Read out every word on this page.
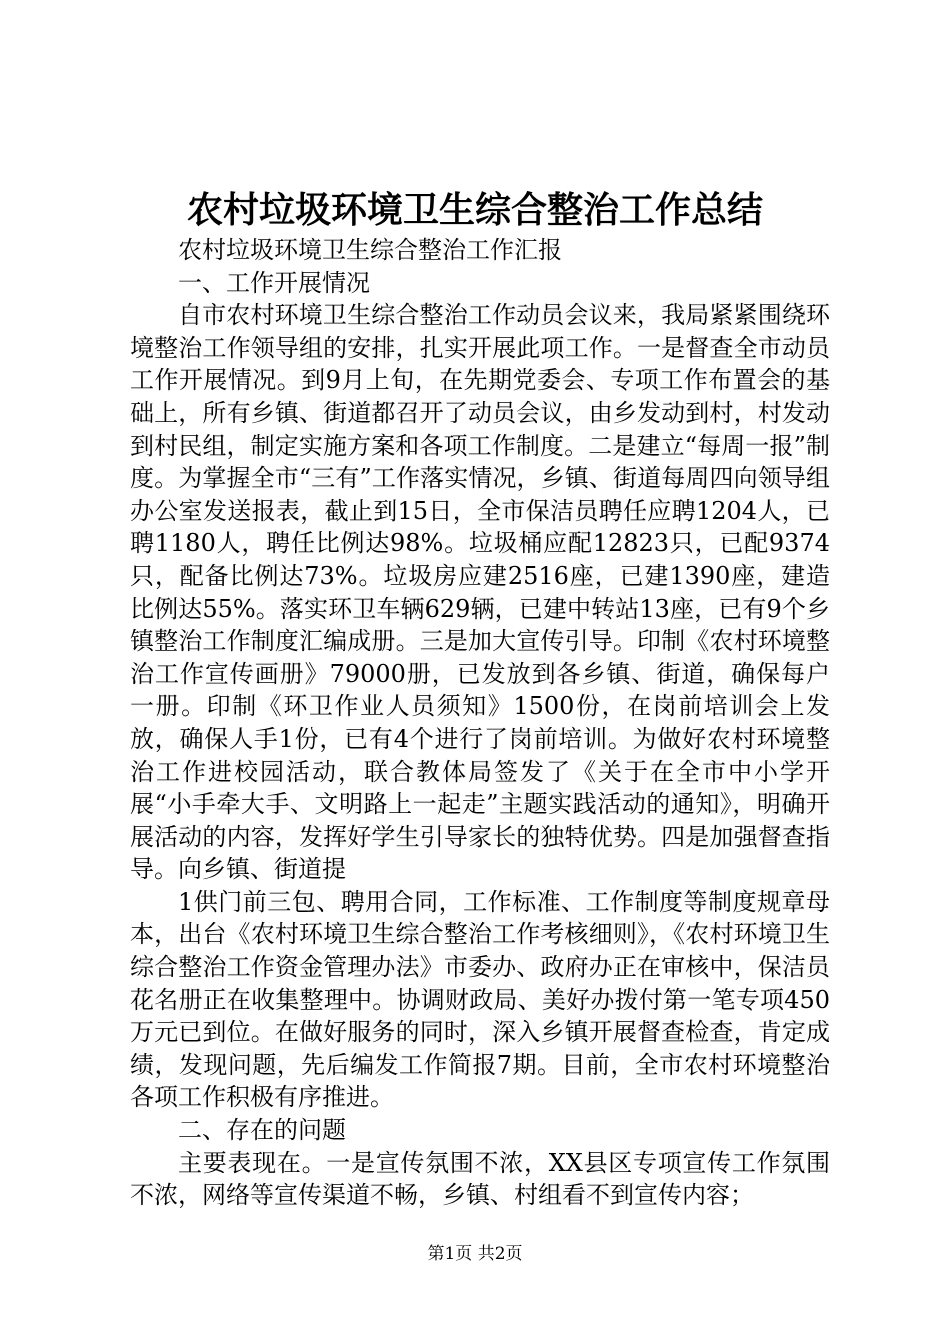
农村垃圾环境卫生综合整治工作总结

农村垃圾环境卫生综合整治工作汇报

一、工作开展情况

自市农村环境卫生综合整治工作动员会议来，我局紧紧围绕环境整治工作领导组的安排，扎实开展此项工作。一是督查全市动员工作开展情况。到9月上旬，在先期党委会、专项工作布置会的基础上，所有乡镇、街道都召开了动员会议，由乡发动到村，村发动到村民组，制定实施方案和各项工作制度。二是建立“每周一报”制度。为掌握全市“三有”工作落实情况，乡镇、街道每周四向领导组办公室发送报表，截止到15日，全市保洁员聘任应聘1204人，已聘1180人，聘任比例达98%。垃圾桶应配12823只，已配9374只，配备比例达73%。垃圾房应建2516座，已建1390座，建造比例达55%。落实环卫车辆629辆，已建中转站13座，已有9个乡镇整治工作制度汇编成册。三是加大宣传引导。印制《农村环境整治工作宣传画册》79000册，已发放到各乡镇、街道，确保每户一册。印制《环卫作业人员须知》1500份，在岗前培训会上发放，确保人手1份，已有4个进行了岗前培训。为做好农村环境整治工作进校园活动，联合教体局签发了《关于在全市中小学开展“小手牵大手、文明路上一起走”主题实践活动的通知》，明确开展活动的内容，发挥好学生引导家长的独特优势。四是加强督查指导。向乡镇、街道提

1供门前三包、聘用合同，工作标准、工作制度等制度规章母本，出台《农村环境卫生综合整治工作考核细则》，《农村环境卫生综合整治工作资金管理办法》市委办、政府办正在审核中，保洁员花名册正在收集整理中。协调财政局、美好办拨付第一笔专项450万元已到位。在做好服务的同时，深入乡镇开展督查检查，肯定成绩，发现问题，先后编发工作简报7期。目前，全市农村环境整治各项工作积极有序推进。

二、存在的问题

主要表现在。一是宣传氛围不浓，XX县区专项宣传工作氛围不浓，网络等宣传渠道不畅，乡镇、村组看不到宣传内容；

第1页 共2页
